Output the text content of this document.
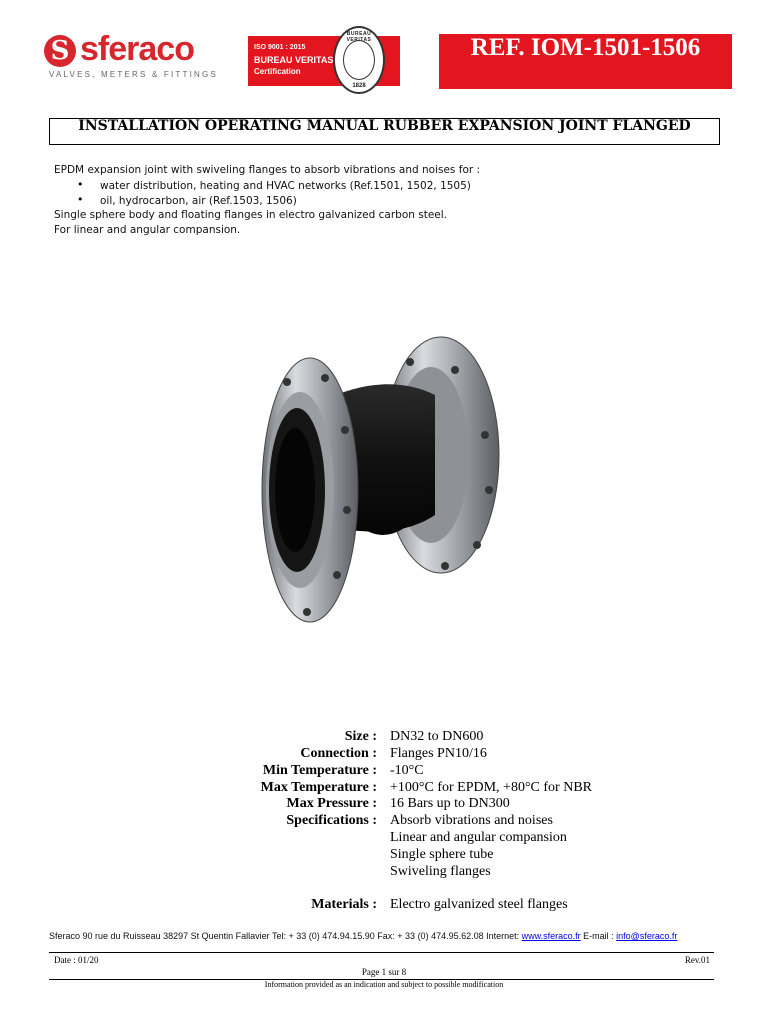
S sferaco
VALVES, METERS & FITTINGS
ISO 9001 : 2015
BUREAU VERITAS
Certification
BUREAU VERITAS
1828
REF. IOM-1501-1506
INSTALLATION OPERATING MANUAL RUBBER EXPANSION JOINT FLANGED
EPDM expansion joint with swiveling flanges to absorb vibrations and noises for :
• water distribution, heating and HVAC networks (Ref.1501, 1502, 1505)
• oil, hydrocarbon, air (Ref.1503, 1506)
Single sphere body and floating flanges in electro galvanized carbon steel.
For linear and angular compansion.
Size : DN32 to DN600
Connection : Flanges PN10/16
Min Temperature : -10°C
Max Temperature : +100°C for EPDM, +80°C for NBR
Max Pressure : 16 Bars up to DN300
Specifications : Absorb vibrations and noises
Linear and angular compansion
Single sphere tube
Swiveling flanges
Materials : Electro galvanized steel flanges
Sferaco 90 rue du Ruisseau 38297 St Quentin Fallavier Tel: + 33 (0) 474.94.15.90 Fax: + 33 (0) 474.95.62.08 Internet: www.sferaco.fr E-mail : info@sferaco.fr
Date : 01/20	Rev.01
Page 1 sur 8
Information provided as an indication and subject to possible modification
